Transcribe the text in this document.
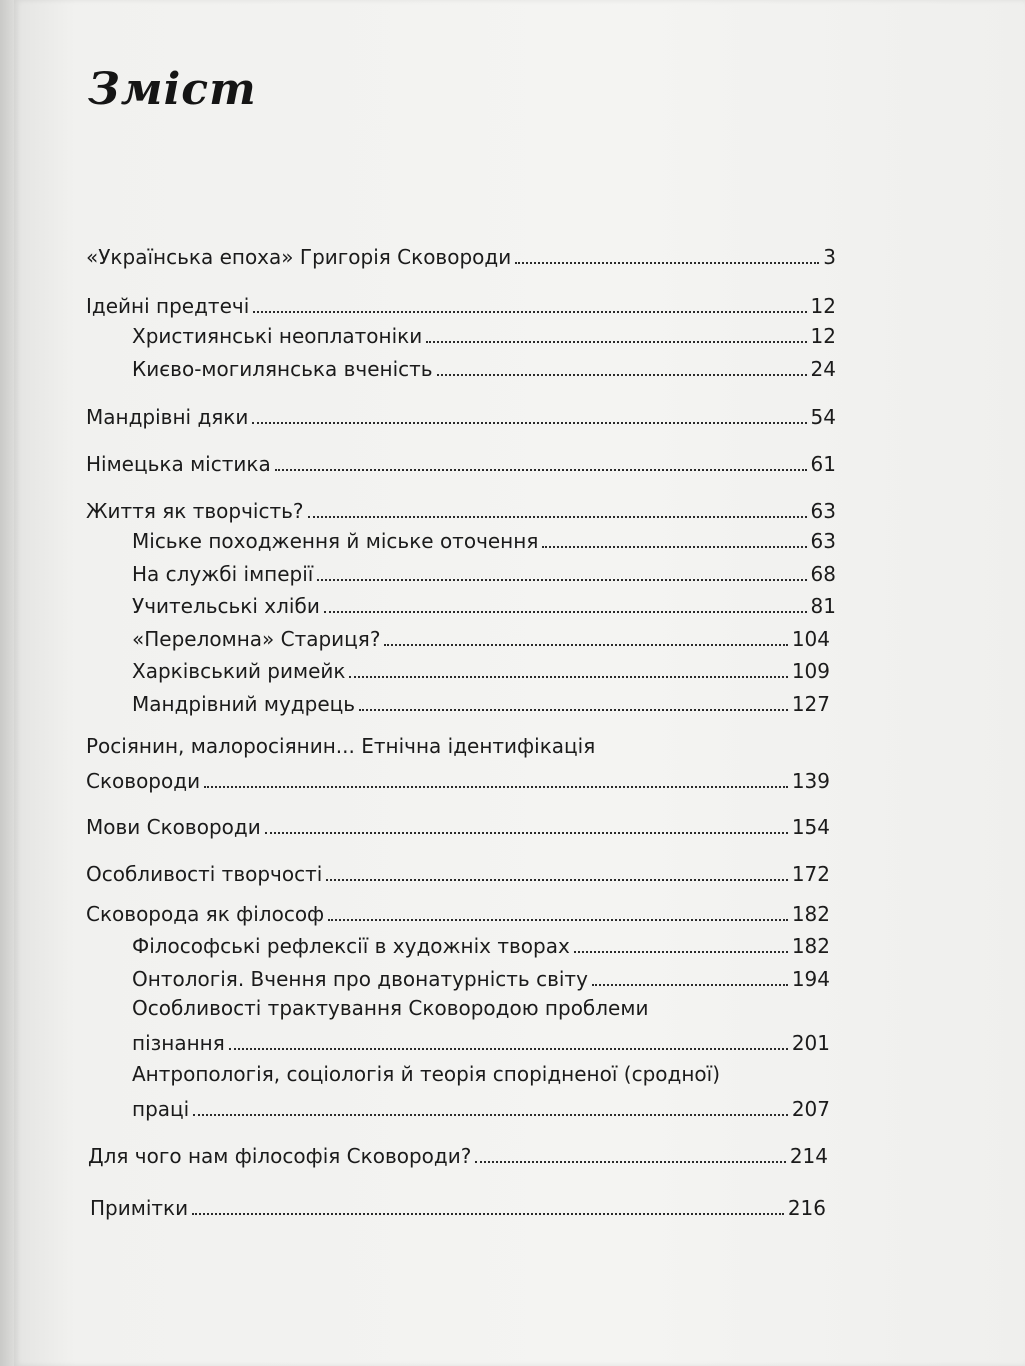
Зміст
«Українська епоха» Григорія Сковороди	3
Ідейні предтечі	12
Християнські неоплатоніки	12
Києво-могилянська вченість	24
Мандрівні дяки	54
Німецька містика	61
Життя як творчість?	63
Міське походження й міське оточення	63
На службі імперії	68
Учительські хліби	81
«Переломна» Стариця?	104
Харківський римейк	109
Мандрівний мудрець	127
Росіянин, малоросіянин... Етнічна ідентифікація
Сковороди	139
Мови Сковороди	154
Особливості творчості	172
Сковорода як філософ	182
Філософські рефлексії в художніх творах	182
Онтологія. Вчення про двонатурність світу	194
Особливості трактування Сковородою проблеми
пізнання	201
Антропологія, соціологія й теорія спорідненої (сродної)
праці	207
Для чого нам філософія Сковороди?	214
Примітки	216
